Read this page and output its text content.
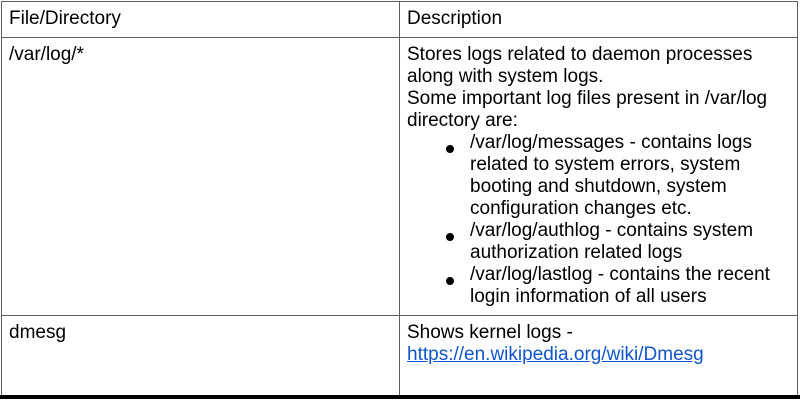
File/Directory	Description
/var/log/*	Stores logs related to daemon processes along with system logs.

Some important log files present in /var/log directory are:

/var/log/messages - contains logs related to system errors, system booting and shutdown, system configuration changes etc.
/var/log/authlog - contains system authorization related logs
/var/log/lastlog - contains the recent login information of all users

dmesg	Shows kernel logs - https://en.wikipedia.org/wiki/Dmesg
